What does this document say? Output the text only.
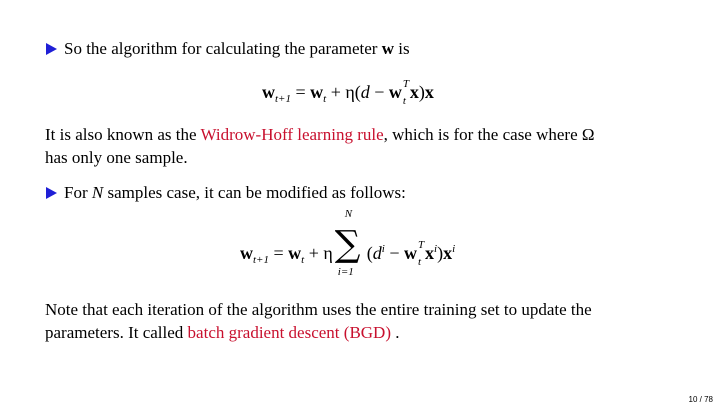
So the algorithm for calculating the parameter w is
$w_{t+1} = w_t + \eta(d - w$ T
t x)x
It is also known as the Widrow-Hoff learning rule, which is for the case where Ω
has only one sample.
For N samples case, it can be modified as follows:
$w_{t+1} = w_t + \eta$
N
∑
i=1
($d^i - w$ T
t $x^i)x^i$
Note that each iteration of the algorithm uses the entire training set to update the
parameters. It called batch gradient descent (BGD) .
10 / 78
